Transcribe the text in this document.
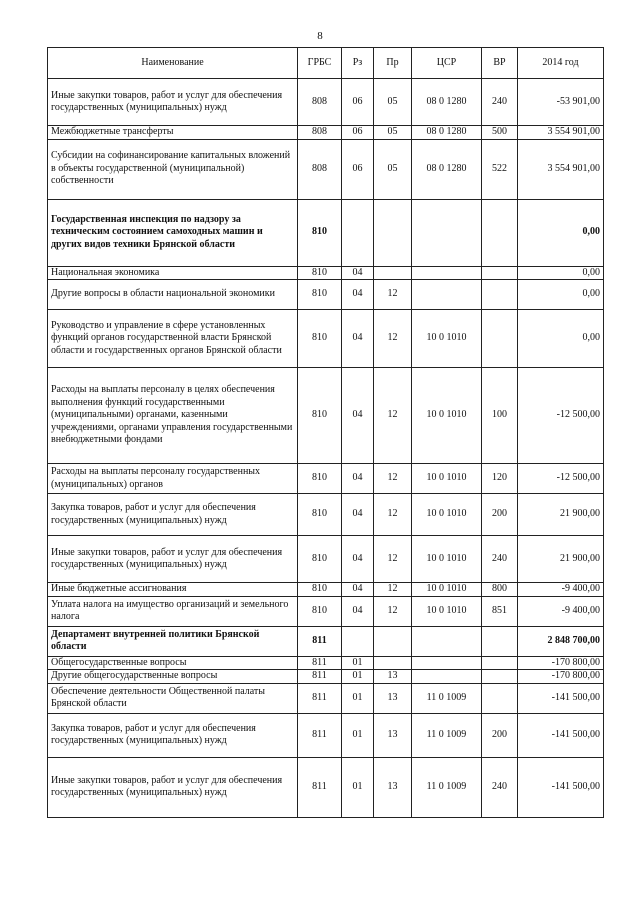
8
Наименование	ГРБС	Рз	Пр	ЦСР	ВР	2014 год
Иные закупки товаров, работ и услуг для обеспечения государственных (муниципальных) нужд	808	06	05	08 0 1280	240	-53 901,00
Межбюджетные трансферты	808	06	05	08 0 1280	500	3 554 901,00
Субсидии на софинансирование капитальных вложений в объекты государственной (муниципальной) собственности	808	06	05	08 0 1280	522	3 554 901,00
Государственная инспекция по надзору за техническим состоянием самоходных машин и других видов техники Брянской области	810					0,00
Национальная экономика	810	04				0,00
Другие вопросы в области национальной экономики	810	04	12			0,00
Руководство и управление в сфере установленных функций органов государственной власти Брянской области и государственных органов Брянской области	810	04	12	10 0 1010		0,00
Расходы на выплаты персоналу в целях обеспечения выполнения функций государственными (муниципальными) органами, казенными учреждениями, органами управления государственными внебюджетными фондами	810	04	12	10 0 1010	100	-12 500,00
Расходы на выплаты персоналу государственных (муниципальных) органов	810	04	12	10 0 1010	120	-12 500,00
Закупка товаров, работ и услуг для обеспечения государственных (муниципальных) нужд	810	04	12	10 0 1010	200	21 900,00
Иные закупки товаров, работ и услуг для обеспечения государственных (муниципальных) нужд	810	04	12	10 0 1010	240	21 900,00
Иные бюджетные ассигнования	810	04	12	10 0 1010	800	-9 400,00
Уплата налога на имущество организаций и земельного налога	810	04	12	10 0 1010	851	-9 400,00
Департамент внутренней политики Брянской области	811					2 848 700,00
Общегосударственные вопросы	811	01				-170 800,00
Другие общегосударственные вопросы	811	01	13			-170 800,00
Обеспечение деятельности Общественной палаты Брянской области	811	01	13	11 0 1009		-141 500,00
Закупка товаров, работ и услуг для обеспечения государственных (муниципальных) нужд	811	01	13	11 0 1009	200	-141 500,00
Иные закупки товаров, работ и услуг для обеспечения государственных (муниципальных) нужд	811	01	13	11 0 1009	240	-141 500,00
